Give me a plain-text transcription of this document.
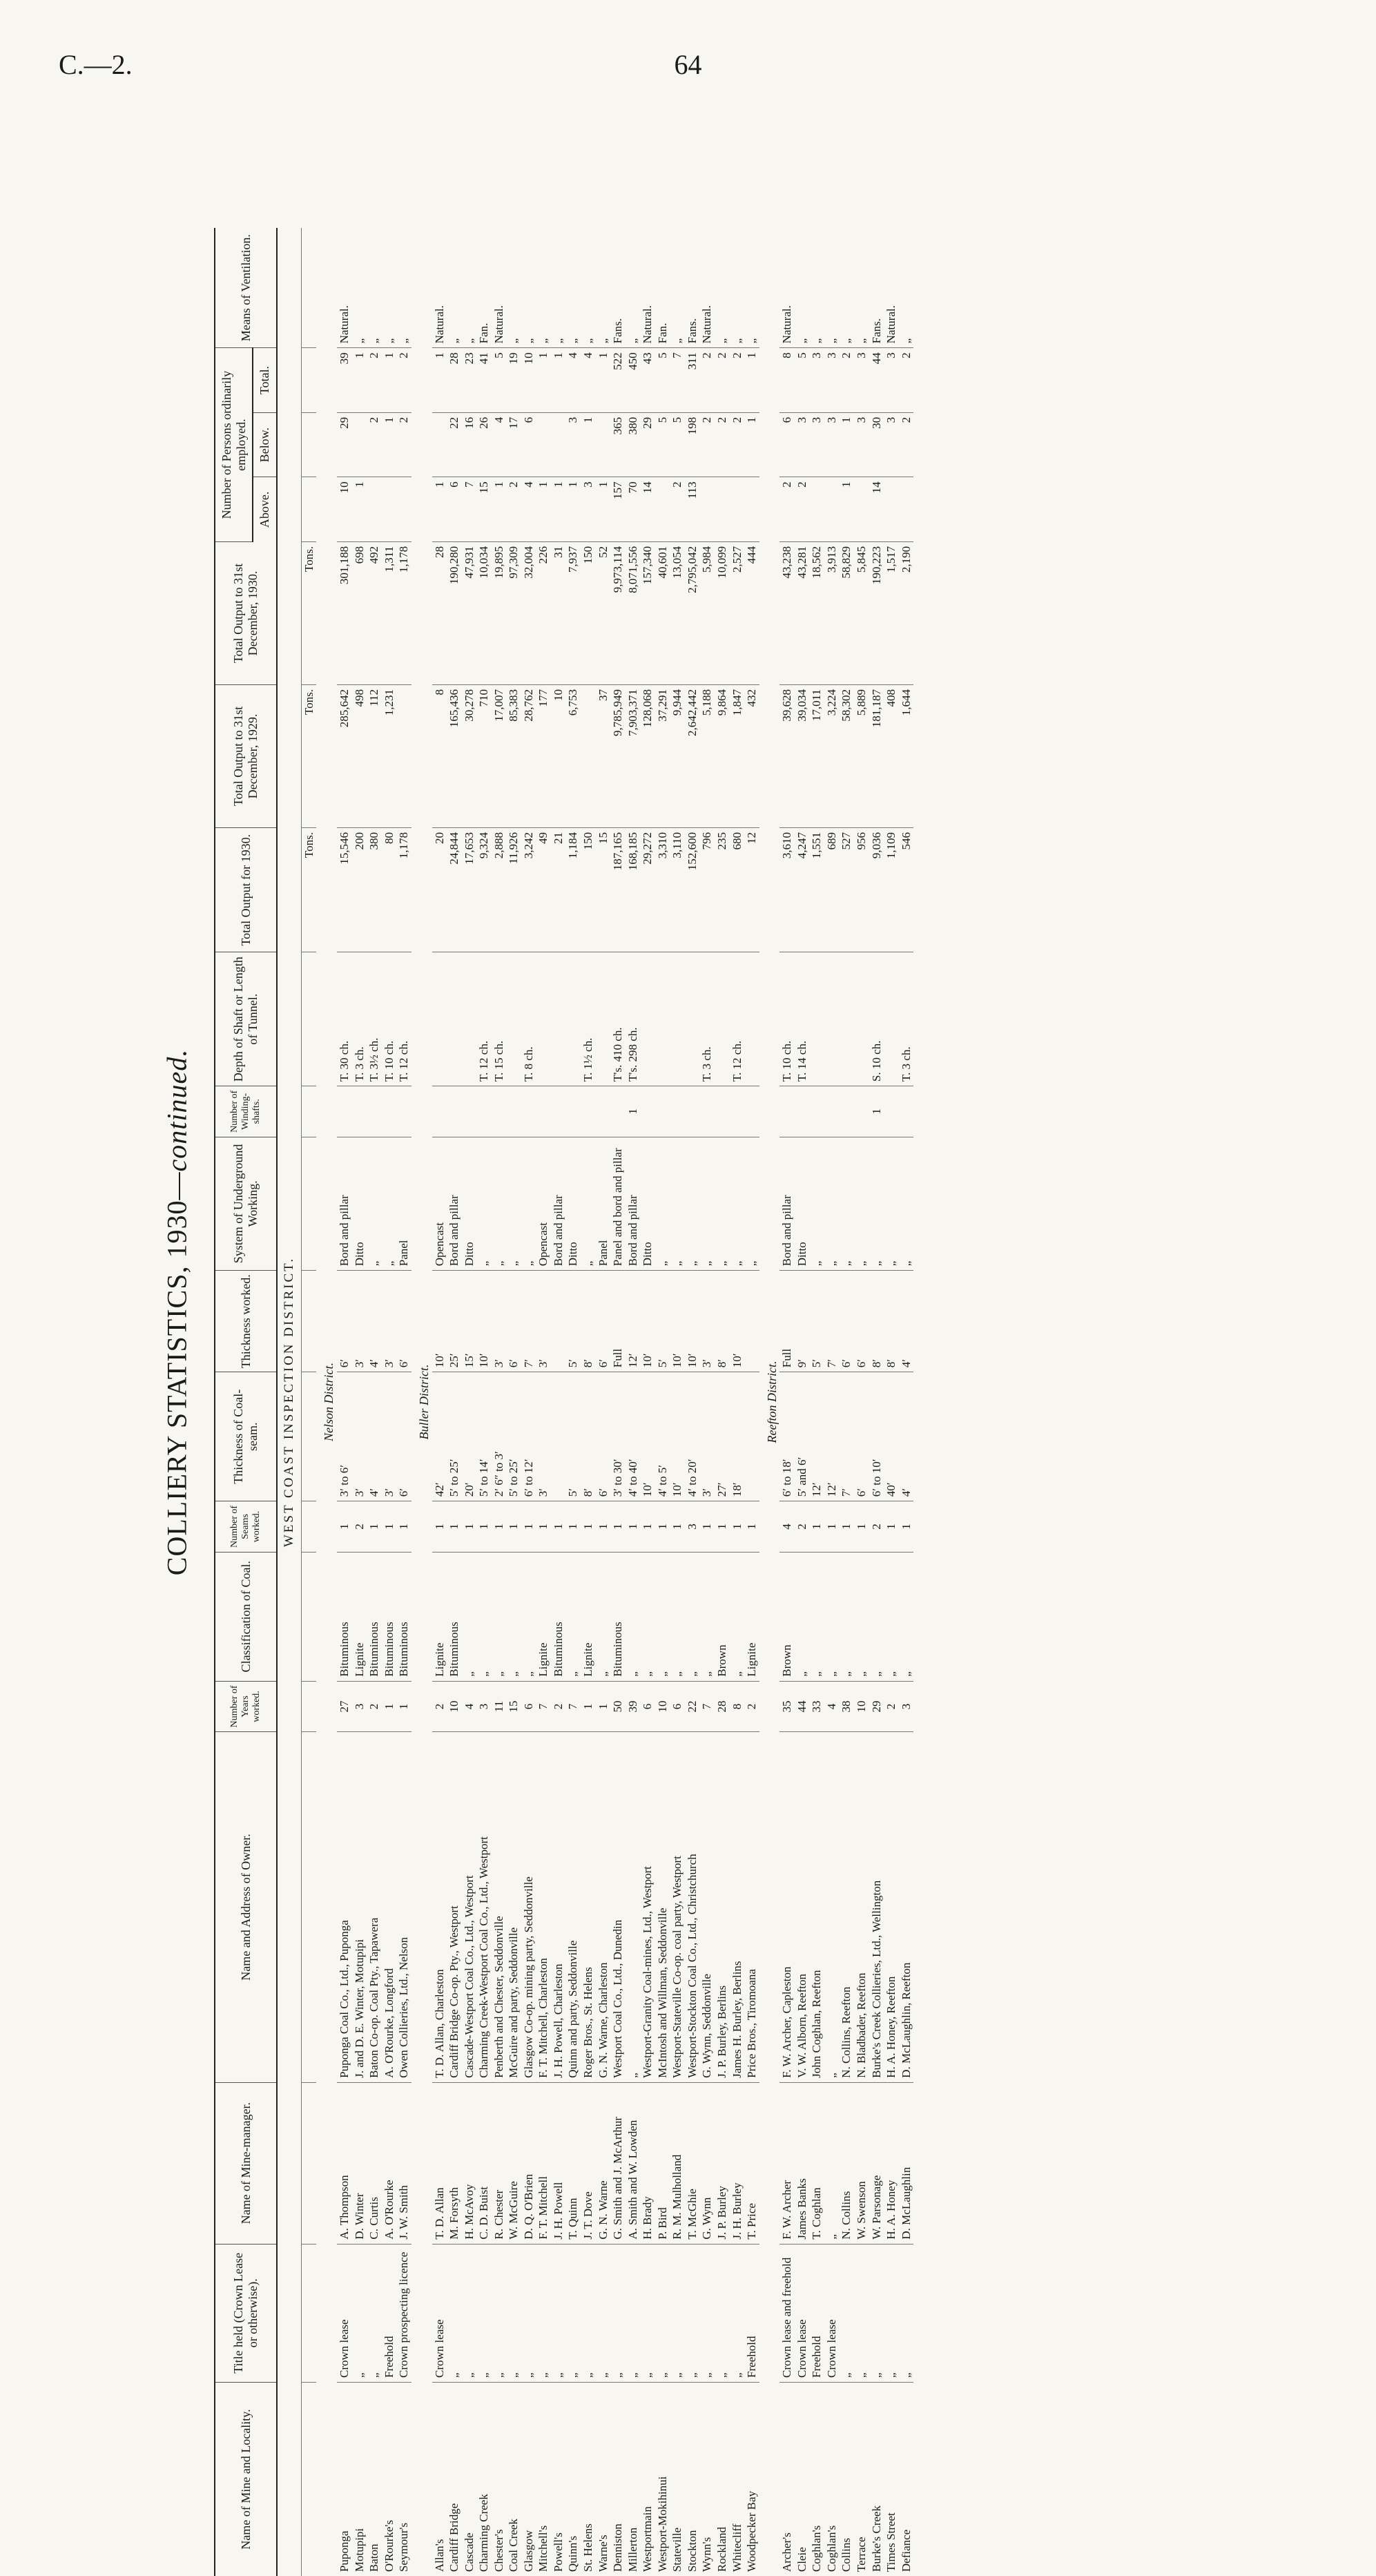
C.—2.	64
COLLIERY STATISTICS, 1930—continued.
Name of Mine and Locality.	Title held (Crown Lease or otherwise).	Name of Mine-manager.	Name and Address of Owner.	Number of Years worked.	Classification of Coal.	Number of Seams worked.	Thickness of Coal-seam.	Thickness worked.	System of Underground Working.	Number of Winding-shafts.	Depth of Shaft or Length of Tunnel.	Total Output for 1930.	Total Output to 31st December, 1929.	Total Output to 31st December, 1930.	Number of Persons ordinarily employed.			Means of Ventilation.
															Above.	Below.	Total.	
WEST COAST INSPECTION DISTRICT.																		
												Tons.	Tons.	Tons.				
Nelson District.																		
Puponga	Crown lease	A. Thompson	Puponga Coal Co., Ltd., Puponga	27	Bituminous	1	3′ to 6′	6′	Bord and pillar		T. 30 ch.	15,546	285,642	301,188	10	29	39	Natural.
Motupipi	„	D. Winter	J. and D. E. Winter, Motupipi	3	Lignite	2	3′	3′	Ditto		T. 3 ch.	200	498	698	1		1	„
Baton	„	C. Curtis	Baton Co-op. Coal Pty., Tapawera	2	Bituminous	1	4′	4′	„		T. 3½ ch.	380	112	492		2	2	„
O'Rourke's	Freehold	A. O'Rourke	A. O'Rourke, Longford	1	Bituminous	1	3′	3′	„		T. 10 ch.	80	1,231	1,311		1	1	„
Seymour's	Crown prospecting licence	J. W. Smith	Owen Collieries, Ltd., Nelson	1	Bituminous	1	6′	6′	Panel		T. 12 ch.	1,178		1,178		2	2	„
Buller District.																		
Allan's	Crown lease	T. D. Allan	T. D. Allan, Charleston	2	Lignite	1	42′	10′	Opencast			20	8	28	1		1	Natural.
Cardiff Bridge	„	M. Forsyth	Cardiff Bridge Co-op. Pty., Westport	10	Bituminous	1	5′ to 25′	25′	Bord and pillar			24,844	165,436	190,280	6	22	28	„
Cascade	„	H. McAvoy	Cascade-Westport Coal Co., Ltd., Westport	4	„	1	20′	15′	Ditto			17,653	30,278	47,931	7	16	23	„
Charming Creek	„	C. D. Buist	Charming Creek-Westport Coal Co., Ltd., Westport	3	„	1	5′ to 14′	10′	„		T. 12 ch.	9,324	710	10,034	15	26	41	Fan.
Chester's	„	R. Chester	Penberth and Chester, Seddonville	11	„	1	2′ 6″ to 3′	3′	„		T. 15 ch.	2,888	17,007	19,895	1	4	5	Natural.
Coal Creek	„	W. McGuire	McGuire and party, Seddonville	15	„	1	5′ to 25′	6′	„			11,926	85,383	97,309	2	17	19	„
Glasgow	„	D. Q. O'Brien	Glasgow Co-op. mining party, Seddonville	6	„	1	6′ to 12′	7′	„		T. 8 ch.	3,242	28,762	32,004	4	6	10	„
Mitchell's	„	F. T. Mitchell	F. T. Mitchell, Charleston	7	Lignite	1	3′	3′	Opencast			49	177	226	1		1	„
Powell's	„	J. H. Powell	J. H. Powell, Charleston	2	Bituminous	1			Bord and pillar			21	10	31	1		1	„
Quinn's	„	T. Quinn	Quinn and party, Seddonville	7	„	1	5′	5′	Ditto			1,184	6,753	7,937	1	3	4	„
St. Helens	„	J. T. Dove	Roger Bros., St. Helens	1	Lignite	1	8′	8′	„		T. 1½ ch.	150		150	3	1	4	„
Warne's	„	G. N. Warne	G. N. Warne, Charleston	1	„	1	6′	6′	Panel			15	37	52	1		1	„
Denniston	„	G. Smith and J. McArthur	Westport Coal Co., Ltd., Dunedin	50	Bituminous	1	3′ to 30′	Full	Panel and bord and pillar		T's. 410 ch.	187,165	9,785,949	9,973,114	157	365	522	Fans.
Millerton	„	A. Smith and W. Lowden	„	39	„	1	4′ to 40′	12′	Bord and pillar	1	T's. 298 ch.	168,185	7,903,371	8,071,556	70	380	450	„
Westportmain	„	H. Brady	Westport-Granity Coal-mines, Ltd., Westport	6	„	1	10′	10′	Ditto			29,272	128,068	157,340	14	29	43	Natural.
Westport-Mokihinui	„	P. Bird	McIntosh and Willman, Seddonville	10	„	1	4′ to 5′	5′	„			3,310	37,291	40,601		5	5	Fan.
Stateville	„	R. M. Mulholland	Westport-Stateville Co-op. coal party, Westport	6	„	1	10′	10′	„			3,110	9,944	13,054	2	5	7	„
Stockton	„	T. McGhie	Westport-Stockton Coal Co., Ltd., Christchurch	22	„	3	4′ to 20′	10′	„			152,600	2,642,442	2,795,042	113	198	311	Fans.
Wynn's	„	G. Wynn	G. Wynn, Seddonville	7	„	1	3′	3′	„		T. 3 ch.	796	5,188	5,984		2	2	Natural.
Rockland	„	J. P. Burley	J. P. Burley, Berlins	28	Brown	1	27′	8′	„			235	9,864	10,099		2	2	„
Whitecliff	„	J. H. Burley	James H. Burley, Berlins	8	„	1	18′	10′	„		T. 12 ch.	680	1,847	2,527		2	2	„
Woodpecker Bay	Freehold	T. Price	Price Bros., Tiromoana	2	Lignite	1			„			12	432	444		1	1	„
Reefton District.																		
Archer's	Crown lease and freehold	F. W. Archer	F. W. Archer, Capleston	35	Brown	4	6′ to 18′	Full	Bord and pillar		T. 10 ch.	3,610	39,628	43,238	2	6	8	Natural.
Cleie	Crown lease	James Banks	V. W. Alborn, Reefton	44	„	2	5′ and 6′	9′	Ditto		T. 14 ch.	4,247	39,034	43,281	2	3	5	„
Coghlan's	Freehold	T. Coghlan	John Coghlan, Reefton	33	„	1	12′	5′	„			1,551	17,011	18,562		3	3	„
Coghlan's	Crown lease	„	„	4	„	1	12′	7′	„			689	3,224	3,913		3	3	„
Collins	„	N. Collins	N. Collins, Reefton	38	„	1	7′	6′	„			527	58,302	58,829	1	1	2	„
Terrace	„	W. Swenson	N. Bladbader, Reefton	10	„	1	6′	6′	„			956	5,889	5,845		3	3	„
Burke's Creek	„	W. Parsonage	Burke's Creek Collieries, Ltd., Wellington	29	„	2	6′ to 10′	8′	„	1	S. 10 ch.	9,036	181,187	190,223	14	30	44	Fans.
Times Street	„	H. A. Honey	H. A. Honey, Reefton	2	„	1	40′	8′	„			1,109	408	1,517		3	3	Natural.
Defiance	„	D. McLaughlin	D. McLaughlin, Reefton	3	„	1	4′	4′	„		T. 3 ch.	546	1,644	2,190		2	2	„
